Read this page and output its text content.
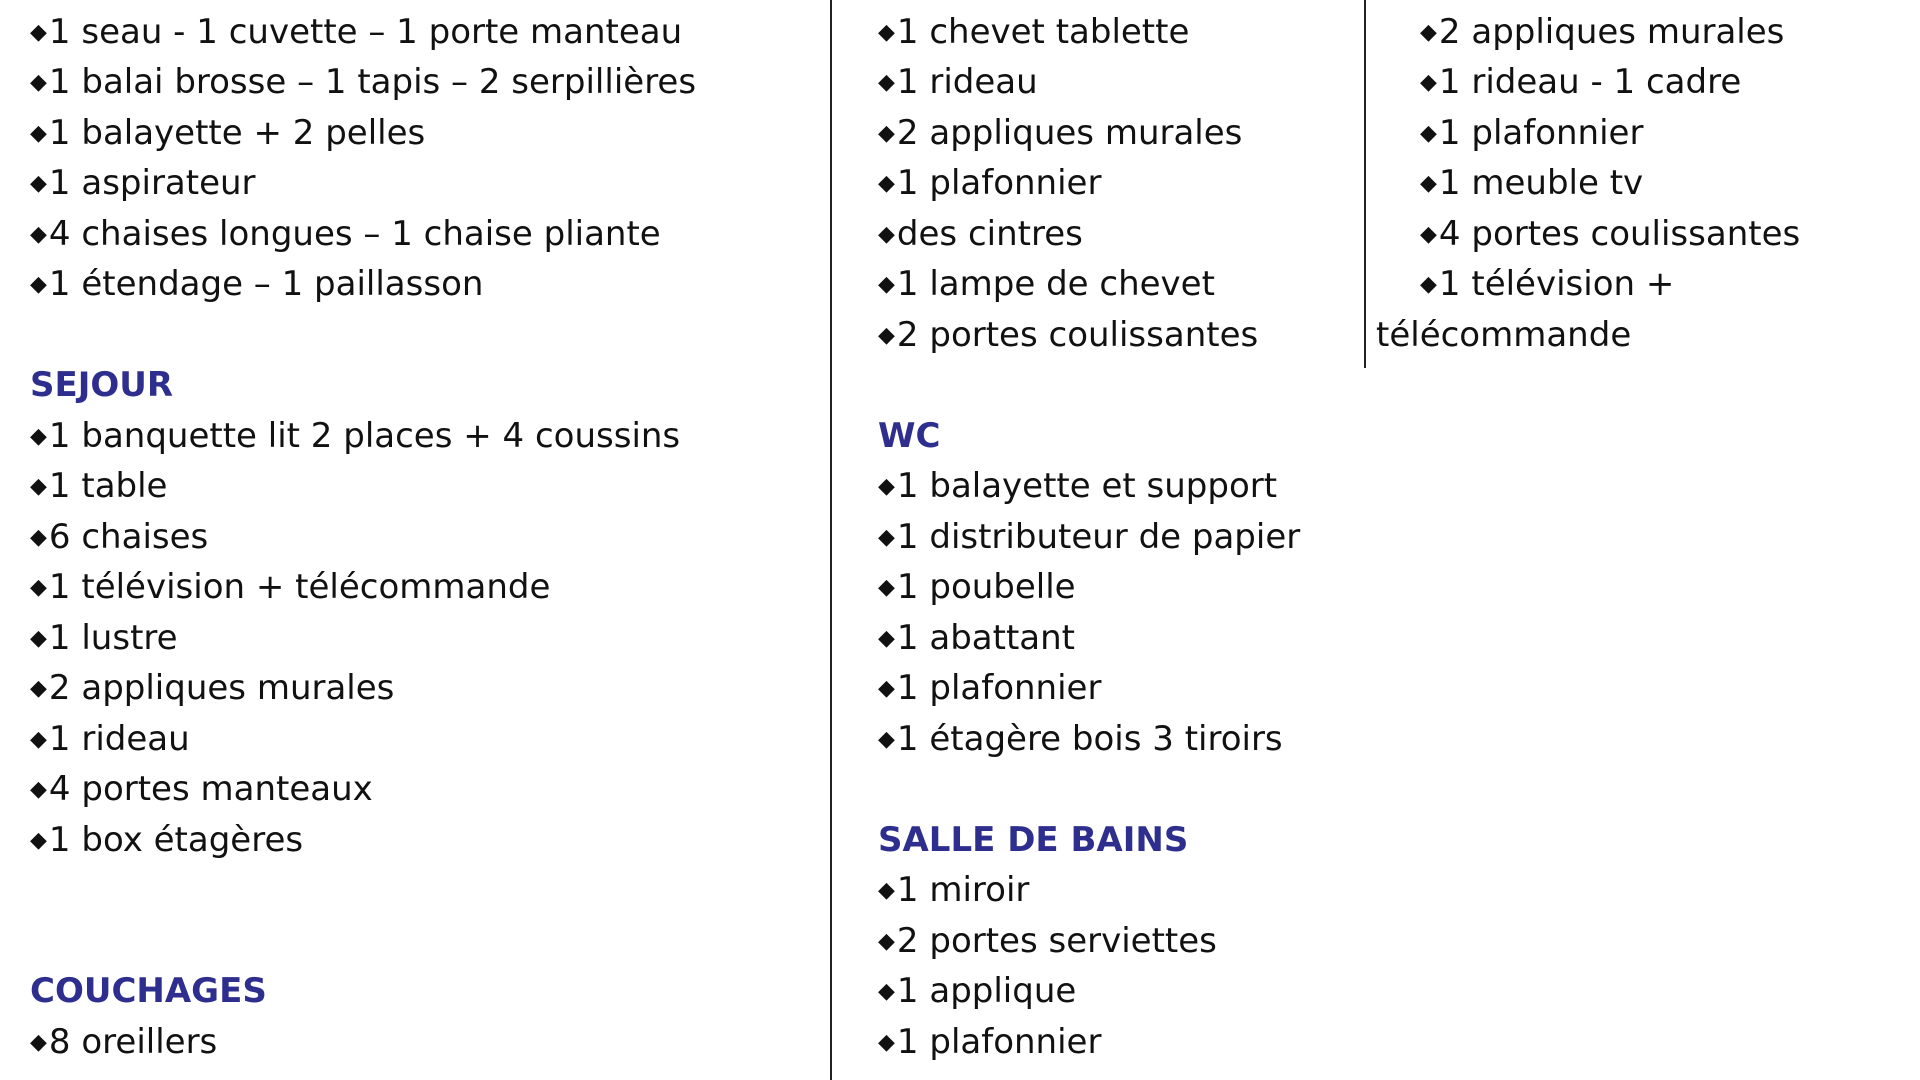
◆1 seau - 1 cuvette – 1 porte manteau
◆1 balai brosse – 1 tapis – 2 serpillières
◆1 balayette + 2 pelles
◆1 aspirateur
◆4 chaises longues – 1 chaise pliante
◆1 étendage – 1 paillasson
SEJOUR
◆1 banquette lit 2 places + 4 coussins
◆1 table
◆6 chaises
◆1 télévision + télécommande
◆1 lustre
◆2 appliques murales
◆1 rideau
◆4 portes manteaux
◆1 box étagères
COUCHAGES
◆8 oreillers
◆1 chevet tablette
◆1 rideau
◆2 appliques murales
◆1 plafonnier
◆des cintres
◆1 lampe de chevet
◆2 portes coulissantes
WC
◆1 balayette et support
◆1 distributeur de papier
◆1 poubelle
◆1 abattant
◆1 plafonnier
◆1 étagère bois 3 tiroirs
SALLE DE BAINS
◆1 miroir
◆2 portes serviettes
◆1 applique
◆1 plafonnier
◆2 appliques murales
◆1 rideau - 1 cadre
◆1 plafonnier
◆1 meuble tv
◆4 portes coulissantes
◆1 télévision +
télécommande
